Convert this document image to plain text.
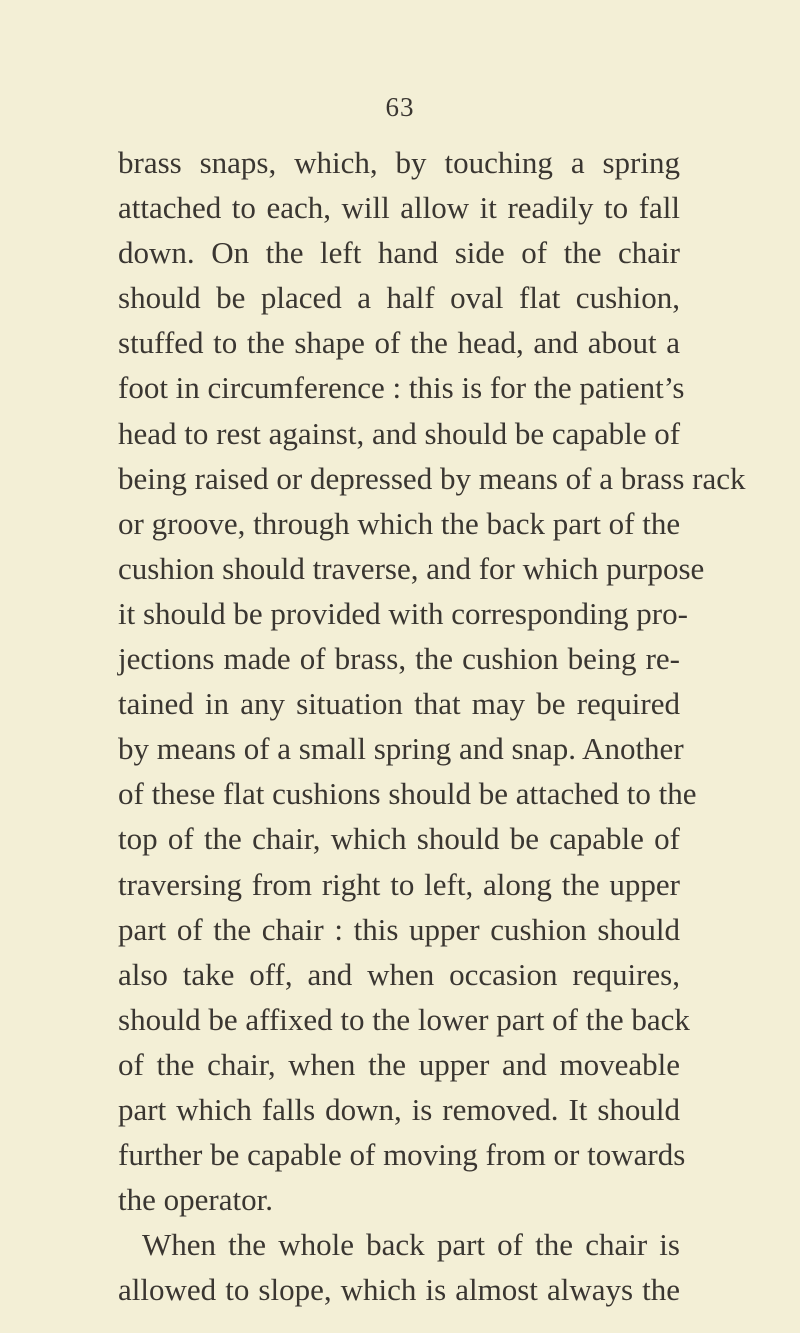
63
brass snaps, which, by touching a spring
attached to each, will allow it readily to fall
down. On the left hand side of the chair
should be placed a half oval flat cushion,
stuffed to the shape of the head, and about a
foot in circumference : this is for the patient’s
head to rest against, and should be capable of
being raised or depressed by means of a brass rack
or groove, through which the back part of the
cushion should traverse, and for which purpose
it should be provided with corresponding pro-
jections made of brass, the cushion being re-
tained in any situation that may be required
by means of a small spring and snap. Another
of these flat cushions should be attached to the
top of the chair, which should be capable of
traversing from right to left, along the upper
part of the chair : this upper cushion should
also take off, and when occasion requires,
should be affixed to the lower part of the back
of the chair, when the upper and moveable
part which falls down, is removed. It should
further be capable of moving from or towards
the operator.
When the whole back part of the chair is
allowed to slope, which is almost always the
